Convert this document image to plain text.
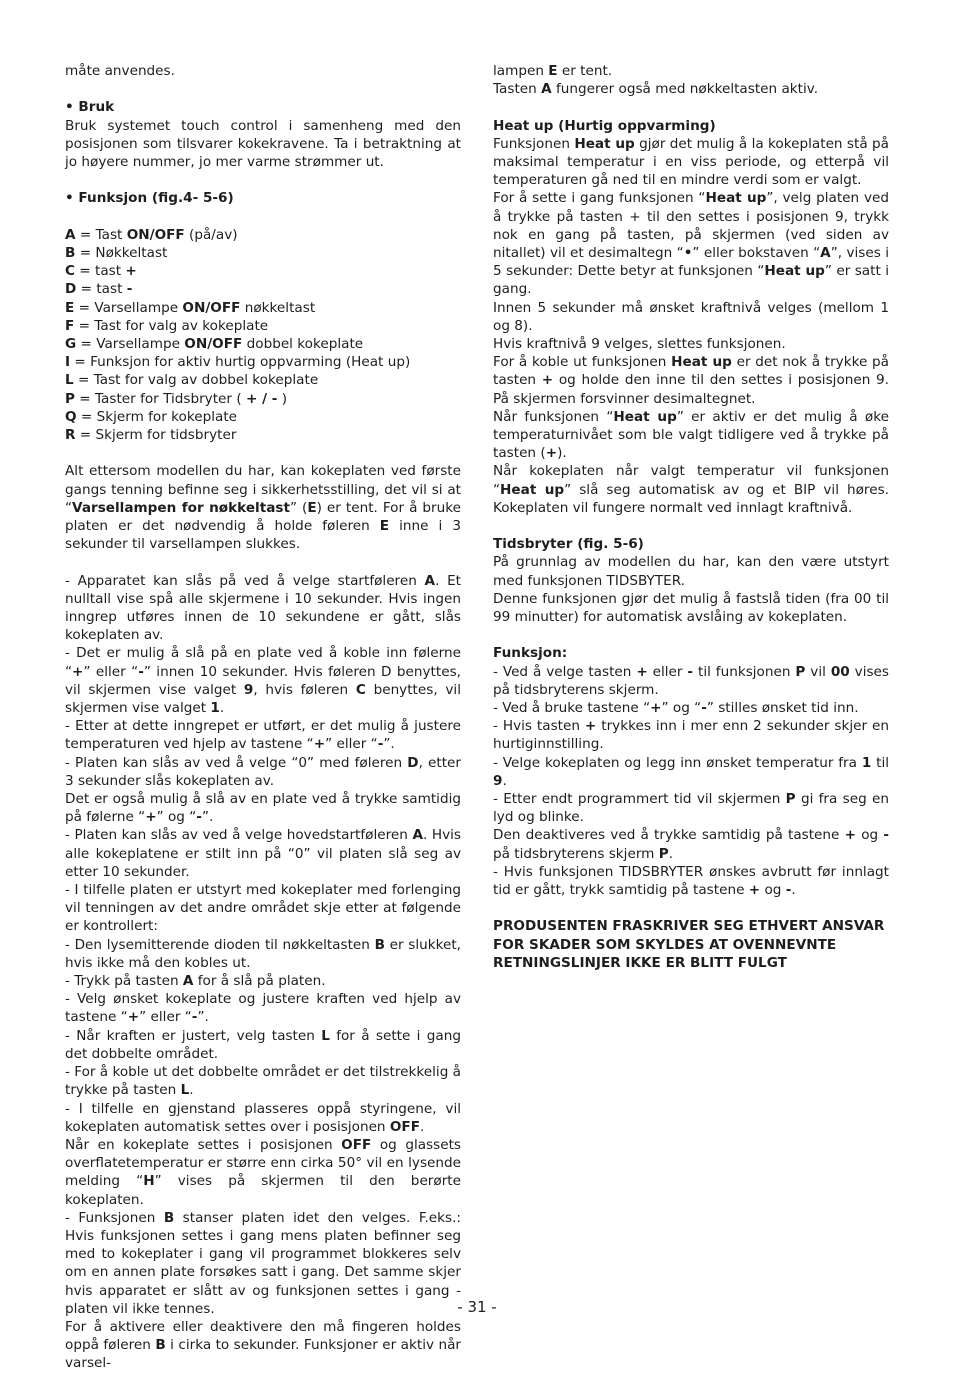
måte anvendes.

• Bruk

Bruk systemet touch control i samenheng med den posisjonen som tilsvarer kokekravene. Ta i betraktning at jo høyere nummer, jo mer varme strømmer ut.

• Funksjon (fig.4- 5-6)

A = Tast ON/OFF (på/av)

B = Nøkkeltast

C = tast +

D = tast -

E = Varsellampe ON/OFF nøkkeltast

F = Tast for valg av kokeplate

G = Varsellampe ON/OFF dobbel kokeplate

I = Funksjon for aktiv hurtig oppvarming (Heat up)

L = Tast for valg av dobbel kokeplate

P = Taster for Tidsbryter ( + / - )

Q = Skjerm for kokeplate

R = Skjerm for tidsbryter

Alt ettersom modellen du har, kan kokeplaten ved første gangs tenning befinne seg i sikkerhetsstilling, det vil si at “Varsellampen for nøkkeltast” (E) er tent. For å bruke platen er det nødvendig å holde føleren E inne i 3 sekunder til varsellampen slukkes.

- Apparatet kan slås på ved å velge startføleren A. Et nulltall vise spå alle skjermene i 10 sekunder. Hvis ingen inngrep utføres innen de 10 sekundene er gått, slås kokeplaten av.

- Det er mulig å slå på en plate ved å koble inn følerne “+” eller “-” innen 10 sekunder. Hvis føleren D benyttes, vil skjermen vise valget 9, hvis føleren C benyttes, vil skjermen vise valget 1.

- Etter at dette inngrepet er utført, er det mulig å justere temperaturen ved hjelp av tastene “+” eller “-”.

- Platen kan slås av ved å velge “0” med føleren D, etter 3 sekunder slås kokeplaten av.

Det er også mulig å slå av en plate ved å trykke samtidig på følerne “+” og “-”.

- Platen kan slås av ved å velge hovedstartføleren A. Hvis alle kokeplatene er stilt inn på “0” vil platen slå seg av etter 10 sekunder.

- I tilfelle platen er utstyrt med kokeplater med forlenging vil tenningen av det andre området skje etter at følgende er kontrollert:

- Den lysemitterende dioden til nøkkeltasten B er slukket, hvis ikke må den kobles ut.

- Trykk på tasten A for å slå på platen.

- Velg ønsket kokeplate og justere kraften ved hjelp av tastene “+” eller “-”.

- Når kraften er justert, velg tasten L for å sette i gang det dobbelte området.

- For å koble ut det dobbelte området er det tilstrekkelig å trykke på tasten L.

- I tilfelle en gjenstand plasseres oppå styringene, vil kokeplaten automatisk settes over i posisjonen OFF.

Når en kokeplate settes i posisjonen OFF og glassets overflatetemperatur er større enn cirka 50° vil en lysende melding “H” vises på skjermen til den berørte kokeplaten.

- Funksjonen B stanser platen idet den velges. F.eks.: Hvis funksjonen settes i gang mens platen befinner seg med to kokeplater i gang vil programmet blokkeres selv om en annen plate forsøkes satt i gang. Det samme skjer hvis apparatet er slått av og funksjonen settes i gang - platen vil ikke tennes.

For å aktivere eller deaktivere den må fingeren holdes oppå føleren B i cirka to sekunder. Funksjoner er aktiv når varsel-

lampen E er tent.

Tasten A fungerer også med nøkkeltasten aktiv.

Heat up (Hurtig oppvarming)

Funksjonen Heat up gjør det mulig å la kokeplaten stå på maksimal temperatur i en viss periode, og etterpå vil temperaturen gå ned til en mindre verdi som er valgt.

For å sette i gang funksjonen “Heat up”, velg platen ved å trykke på tasten + til den settes i posisjonen 9, trykk nok en gang på tasten, på skjermen (ved siden av nitallet) vil et desimaltegn “•” eller bokstaven “A”, vises i 5 sekunder: Dette betyr at funksjonen “Heat up” er satt i gang.

Innen 5 sekunder må ønsket kraftnivå velges (mellom 1 og 8).

Hvis kraftnivå 9 velges, slettes funksjonen.

For å koble ut funksjonen Heat up er det nok å trykke på tasten + og holde den inne til den settes i posisjonen 9. På skjermen forsvinner desimaltegnet.

Når funksjonen “Heat up” er aktiv er det mulig å øke temperaturnivået som ble valgt tidligere ved å trykke på tasten (+).

Når kokeplaten når valgt temperatur vil funksjonen “Heat up” slå seg automatisk av og et BIP vil høres. Kokeplaten vil fungere normalt ved innlagt kraftnivå.

Tidsbryter (fig. 5-6)

På grunnlag av modellen du har, kan den være utstyrt med funksjonen TIDSBYTER.

Denne funksjonen gjør det mulig å fastslå tiden (fra 00 til 99 minutter) for automatisk avslåing av kokeplaten.

Funksjon:

- Ved å velge tasten + eller - til funksjonen P vil 00 vises på tidsbryterens skjerm.

- Ved å bruke tastene “+” og “-” stilles ønsket tid inn.

- Hvis tasten + trykkes inn i mer enn 2 sekunder skjer en hurtiginnstilling.

- Velge kokeplaten og legg inn ønsket temperatur fra 1 til 9.

- Etter endt programmert tid vil skjermen P gi fra seg en lyd og blinke.

Den deaktiveres ved å trykke samtidig på tastene + og - på tidsbryterens skjerm P.

- Hvis funksjonen TIDSBRYTER ønskes avbrutt før innlagt tid er gått, trykk samtidig på tastene + og -.

PRODUSENTEN FRASKRIVER SEG ETHVERT ANSVAR FOR SKADER SOM SKYLDES AT OVENNEVNTE RETNINGSLINJER IKKE ER BLITT FULGT

- 31 -
